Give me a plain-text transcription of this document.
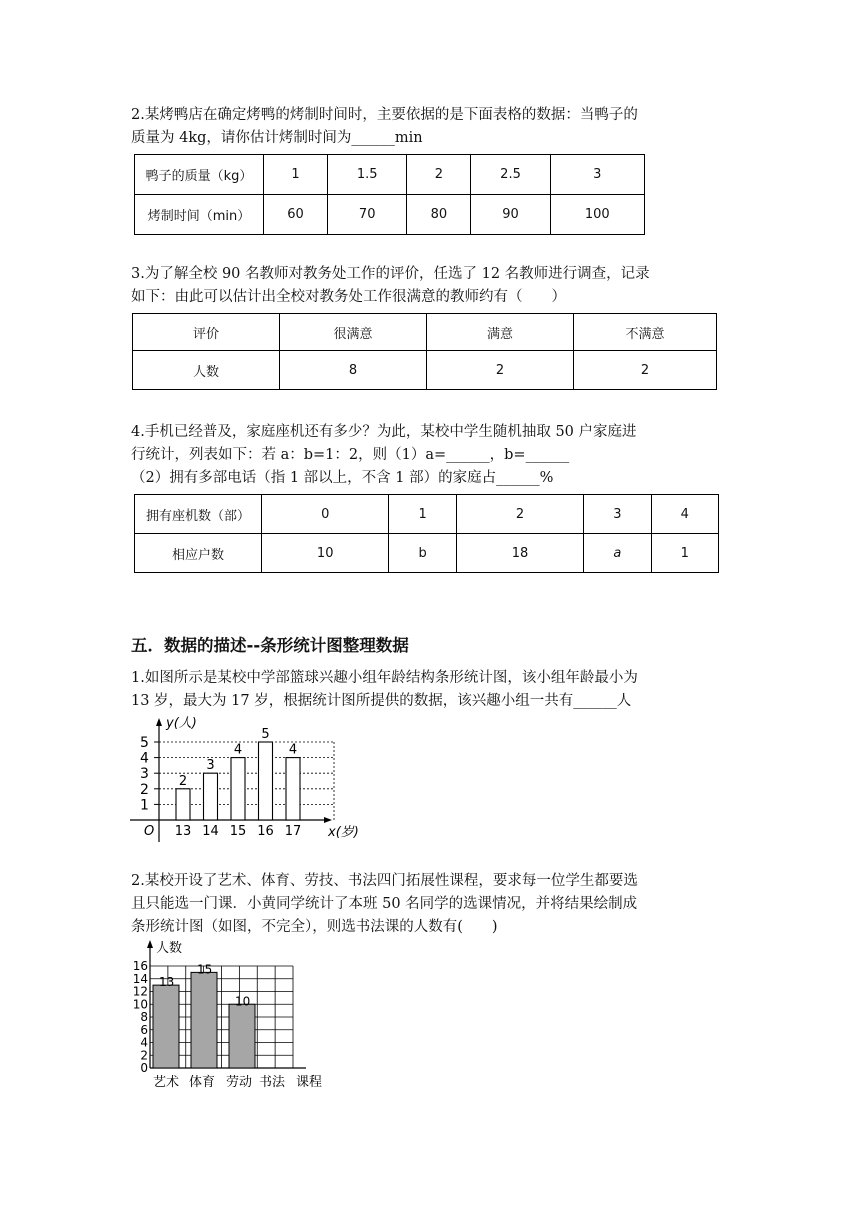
2.某烤鸭店在确定烤鸭的烤制时间时，主要依据的是下面表格的数据：当鸭子的
质量为 4kg，请你估计烤制时间为______min
鸭子的质量（kg）	1	1.5	2	2.5	3
烤制时间（min）	60	70	80	90	100
3.为了解全校 90 名教师对教务处工作的评价，任选了 12 名教师进行调查，记录
如下：由此可以估计出全校对教务处工作很满意的教师约有（　　）
评价	很满意	满意	不满意
人数	8	2	2
4.手机已经普及，家庭座机还有多少？为此，某校中学生随机抽取 50 户家庭进
行统计，列表如下：若 a：b=1：2，则（1）a=______，b=______
（2）拥有多部电话（指 1 部以上，不含 1 部）的家庭占______%
拥有座机数（部）	0	1	2	3	4
相应户数	10	b	18	a	1
五．数据的描述--条形统计图整理数据
1.如图所示是某校中学部篮球兴趣小组年龄结构条形统计图，该小组年龄最小为
13 岁，最大为 17 岁，根据统计图所提供的数据，该兴趣小组一共有______人
1
2
3
4
5
y(人)
x(岁)
O
2
13
3
14
4
15
5
16
4
17
2.某校开设了艺术、体育、劳技、书法四门拓展性课程，要求每一位学生都要选
且只能选一门课．小黄同学统计了本班 50 名同学的选课情况，并将结果绘制成
条形统计图（如图，不完全），则选书法课的人数有(　　)
0
2
4
6
8
10
12
14
16
人数
课程
13
15
10
艺术 体育 劳动 书法
